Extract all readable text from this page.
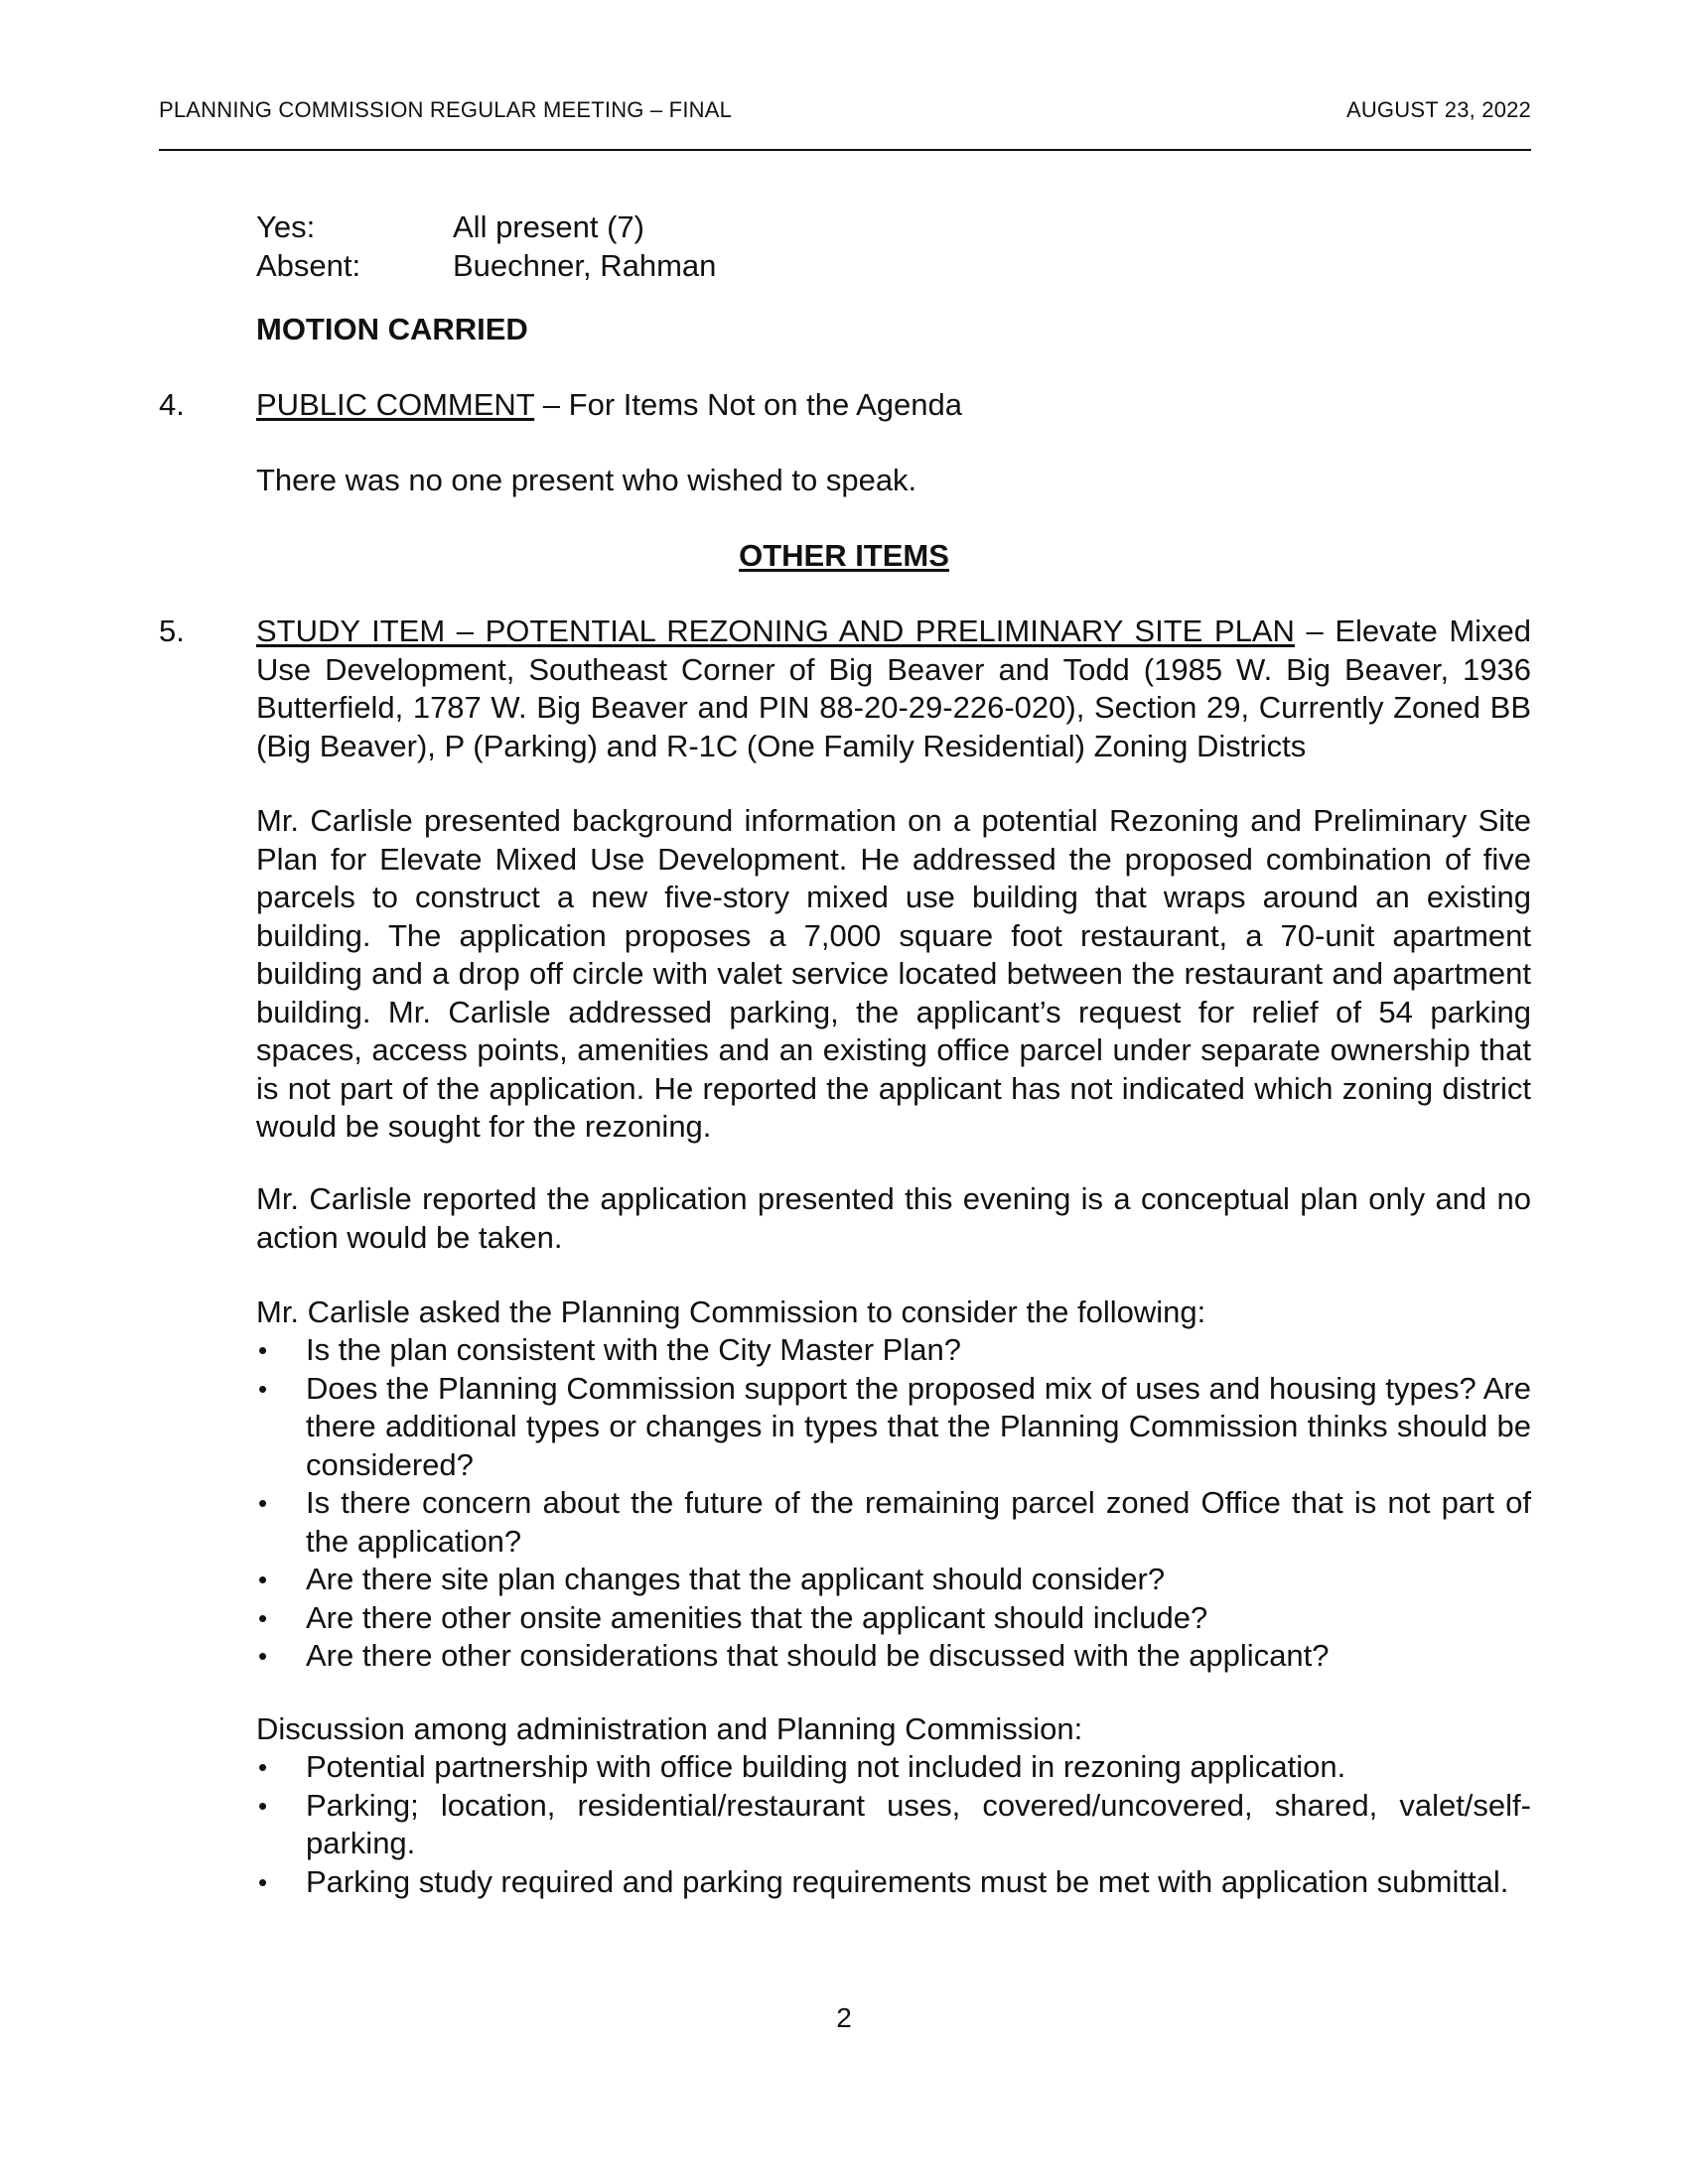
PLANNING COMMISSION REGULAR MEETING – FINAL	AUGUST 23, 2022
Yes:	All present (7)
Absent:	Buechner, Rahman
MOTION CARRIED
4. PUBLIC COMMENT – For Items Not on the Agenda
There was no one present who wished to speak.
OTHER ITEMS
5. STUDY ITEM – POTENTIAL REZONING AND PRELIMINARY SITE PLAN – Elevate Mixed Use Development, Southeast Corner of Big Beaver and Todd (1985 W. Big Beaver, 1936 Butterfield, 1787 W. Big Beaver and PIN 88-20-29-226-020), Section 29, Currently Zoned BB (Big Beaver), P (Parking) and R-1C (One Family Residential) Zoning Districts
Mr. Carlisle presented background information on a potential Rezoning and Preliminary Site Plan for Elevate Mixed Use Development. He addressed the proposed combination of five parcels to construct a new five-story mixed use building that wraps around an existing building. The application proposes a 7,000 square foot restaurant, a 70-unit apartment building and a drop off circle with valet service located between the restaurant and apartment building. Mr. Carlisle addressed parking, the applicant’s request for relief of 54 parking spaces, access points, amenities and an existing office parcel under separate ownership that is not part of the application. He reported the applicant has not indicated which zoning district would be sought for the rezoning.
Mr. Carlisle reported the application presented this evening is a conceptual plan only and no action would be taken.
Mr. Carlisle asked the Planning Commission to consider the following:
• Is the plan consistent with the City Master Plan?
• Does the Planning Commission support the proposed mix of uses and housing types? Are there additional types or changes in types that the Planning Commission thinks should be considered?
• Is there concern about the future of the remaining parcel zoned Office that is not part of the application?
• Are there site plan changes that the applicant should consider?
• Are there other onsite amenities that the applicant should include?
• Are there other considerations that should be discussed with the applicant?
Discussion among administration and Planning Commission:
• Potential partnership with office building not included in rezoning application.
• Parking; location, residential/restaurant uses, covered/uncovered, shared, valet/self-parking.
• Parking study required and parking requirements must be met with application submittal.
2
